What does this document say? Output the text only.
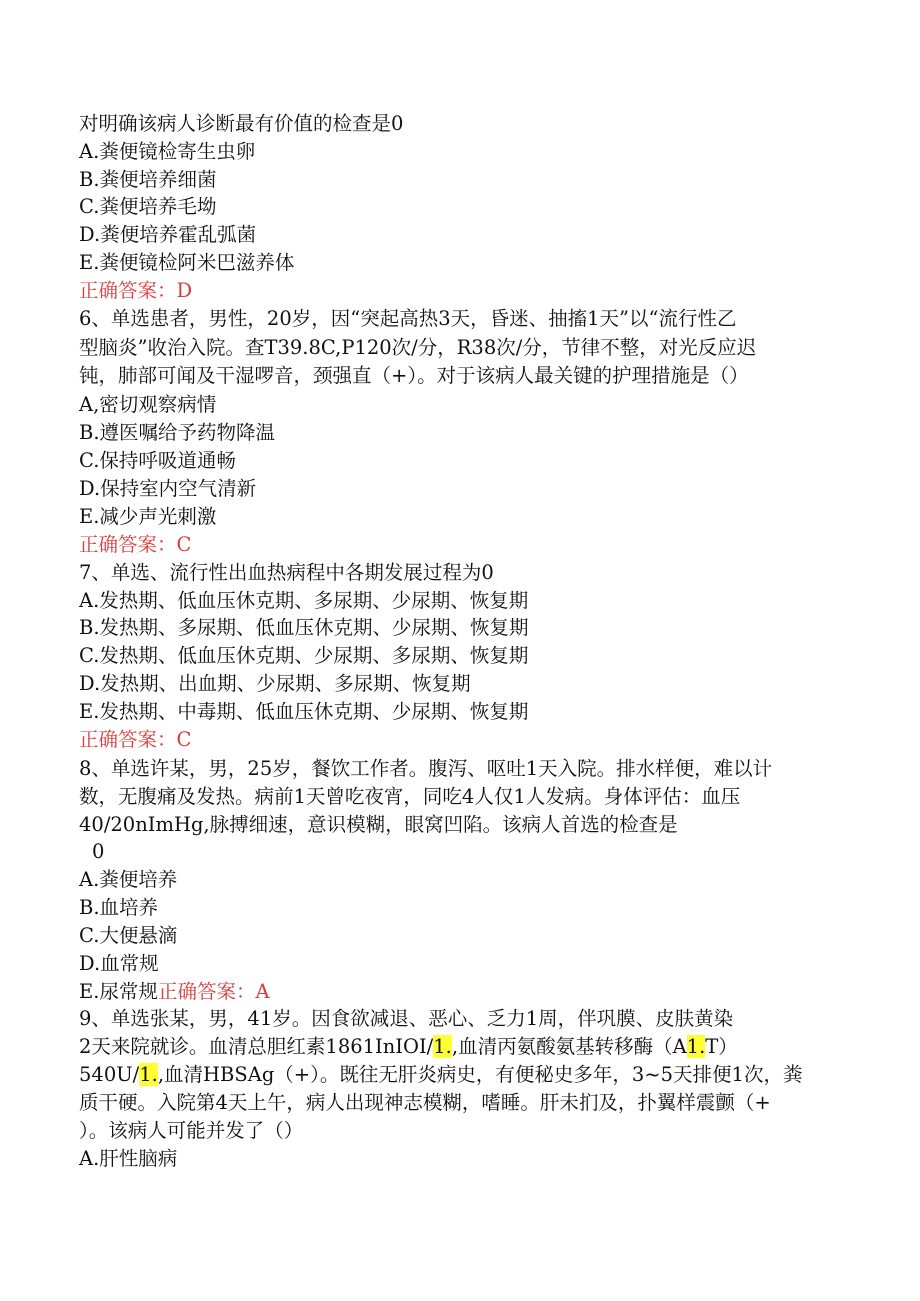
对明确该病人诊断最有价值的检查是0
A.粪便镜检寄生虫卵
B.粪便培养细菌
C.粪便培养毛坳
D.粪便培养霍乱弧菌
E.粪便镜检阿米巴滋养体
正确答案：D
6、单选患者，男性，20岁，因“突起高热3天，昏迷、抽搐1天”以“流行性乙
型脑炎”收治入院。查T39.8C,P120次/分，R38次/分，节律不整，对光反应迟
钝，肺部可闻及干湿啰音，颈强直（+）。对于该病人最关键的护理措施是（）
A,密切观察病情
B.遵医嘱给予药物降温
C.保持呼吸道通畅
D.保持室内空气清新
E.减少声光刺激
正确答案：C
7、单选、流行性出血热病程中各期发展过程为0
A.发热期、低血压休克期、多尿期、少尿期、恢复期
B.发热期、多尿期、低血压休克期、少尿期、恢复期
C.发热期、低血压休克期、少尿期、多尿期、恢复期
D.发热期、出血期、少尿期、多尿期、恢复期
E.发热期、中毒期、低血压休克期、少尿期、恢复期
正确答案：C
8、单选许某，男，25岁，餐饮工作者。腹泻、呕吐1天入院。排水样便，难以计
数，无腹痛及发热。病前1天曾吃夜宵，同吃4人仅1人发病。身体评估：血压
40/20nImHg,脉搏细速，意识模糊，眼窝凹陷。该病人首选的检查是
0
A.粪便培养
B.血培养
C.大便悬滴
D.血常规
E.尿常规正确答案：A
9、单选张某，男，41岁。因食欲减退、恶心、乏力1周，伴巩膜、皮肤黄染
2天来院就诊。血清总胆红素1861InIOI/1.,血清丙氨酸氨基转移酶（A1.T）
540U/1.,血清HBSAg（+）。既往无肝炎病史，有便秘史多年，3~5天排便1次，粪
质干硬。入院第4天上午，病人出现神志模糊，嗜睡。肝未扪及，扑翼样震颤（+
）。该病人可能并发了（）
A.肝性脑病
